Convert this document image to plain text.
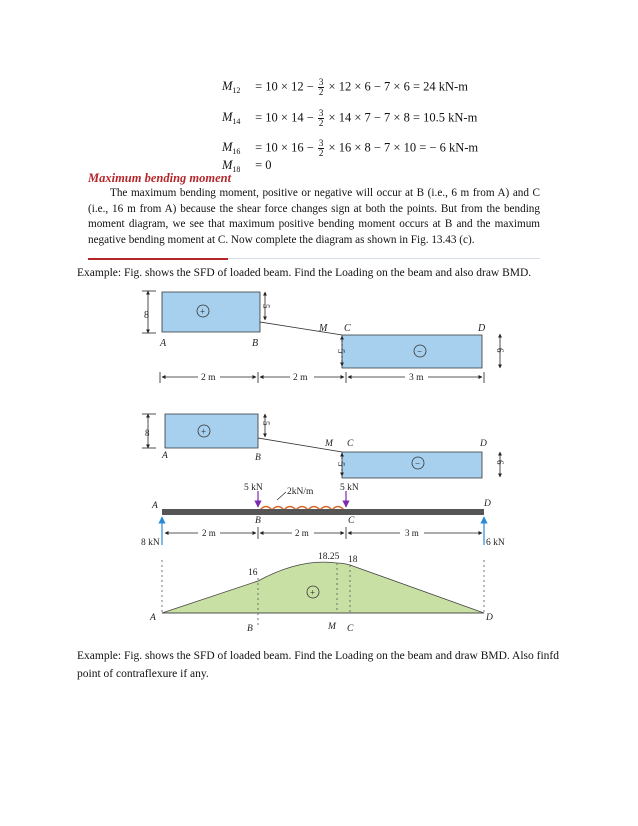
$M_{12} = 10 \times 12 - \frac{3}{2} \times 12 \times 6 - 7 \times 6 = 24$ kN-m
$M_{14} = 10 \times 14 - \frac{3}{2} \times 14 \times 7 - 7 \times 8 = 10.5$ kN-m
$M_{16} = 10 \times 16 - \frac{3}{2} \times 16 \times 8 - 7 \times 10$ = − 6 kN-m
$M_{18} = 0$
Maximum bending moment
The maximum bending moment, positive or negative will occur at B (i.e., 6 m from A) and C (i.e., 16 m from A) because the shear force changes sign at both the points. But from the bending moment diagram, we see that maximum positive bending moment occurs at B and the maximum negative bending moment at C. Now complete the diagram as shown in Fig. 13.43 (c).
Example: Fig. shows the SFD of loaded beam. Find the Loading on the beam and also draw BMD.
8
5
5	6
+
−
A	B
M C	D
2 m	2 m	3 m
8
5
5	6
+
−
A	B
M C	D
5 kN	2kN/m	5 kN
A
B	C
D
8 kN	6 kN
2 m	2 m	3 m
16
18.25 18
+
A
B	M C
D
Example: Fig. shows the SFD of loaded beam. Find the Loading on the beam and draw BMD. Also finfd point of contraflexure if any.
